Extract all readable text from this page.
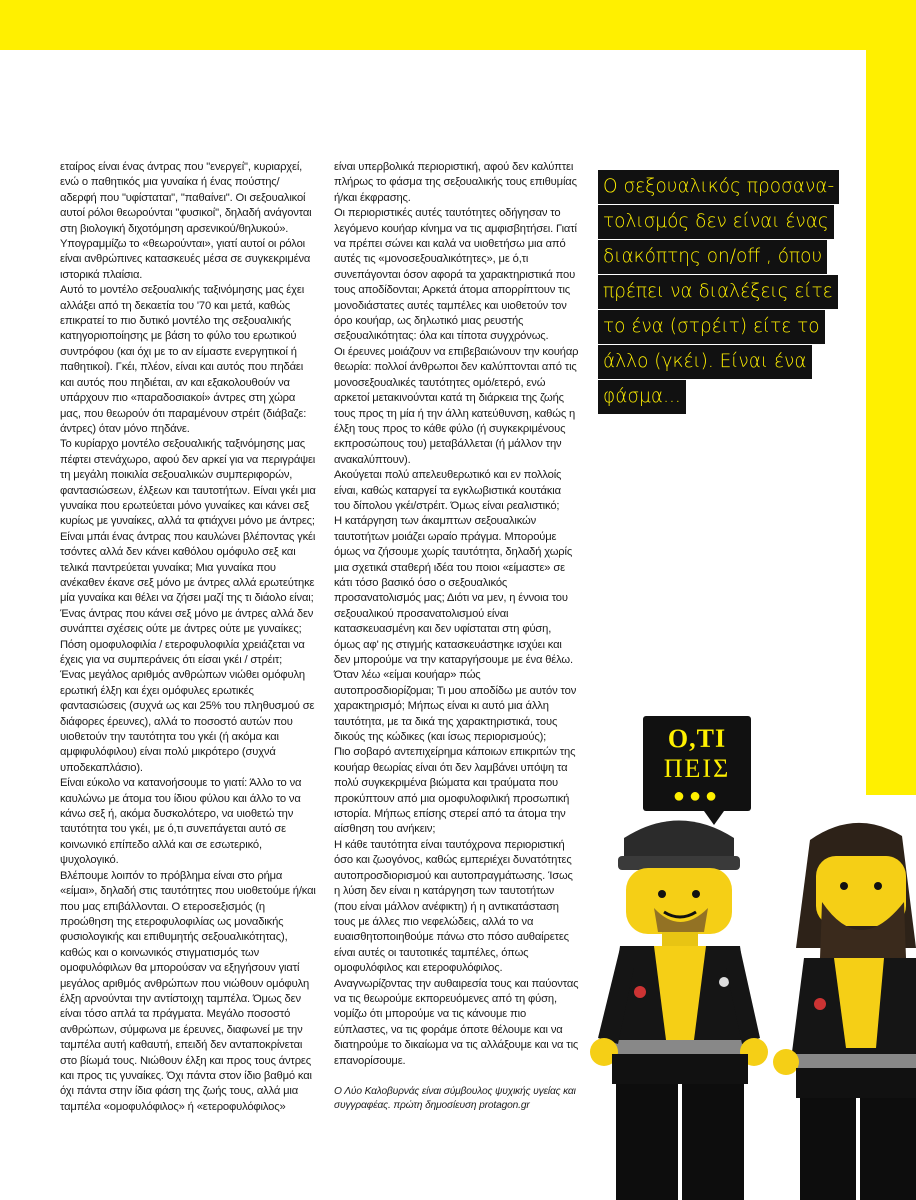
εταίρος είναι ένας άντρας που "ενεργεί", κυριαρχεί, ενώ ο παθητικός μια γυναίκα ή ένας πούστης/αδερφή που "υφίσταται", "παθαίνει". Οι σεξουαλικοί αυτοί ρόλοι θεωρούνται "φυσικοί", δηλαδή ανάγονται στη βιολογική διχοτόμηση αρσενικού/θηλυκού». Υπογραμμίζω το «θεωρούνται», γιατί αυτοί οι ρόλοι είναι ανθρώπινες κατασκευές μέσα σε συγκεκριμένα ιστορικά πλαίσια.

Αυτό το μοντέλο σεξουαλικής ταξινόμησης μας έχει αλλάξει από τη δεκαετία του '70 και μετά, καθώς επικρατεί το πιο δυτικό μοντέλο της σεξουαλικής κατηγοριοποίησης με βάση το φύλο του ερωτικού συντρόφου (και όχι με το αν είμαστε ενεργητικοί ή παθητικοί). Γκέι, πλέον, είναι και αυτός που πηδάει και αυτός που πηδιέται, αν και εξακολουθούν να υπάρχουν πιο «παραδοσιακοί» άντρες στη χώρα μας, που θεωρούν ότι παραμένουν στρέιτ (διάβαζε: άντρες) όταν μόνο πηδάνε.

Το κυρίαρχο μοντέλο σεξουαλικής ταξινόμησης μας πέφτει στενάχωρο, αφού δεν αρκεί για να περιγράψει τη μεγάλη ποικιλία σεξουαλικών συμπεριφορών, φαντασιώσεων, έλξεων και ταυτοτήτων. Είναι γκέι μια γυναίκα που ερωτεύεται μόνο γυναίκες και κάνει σεξ κυρίως με γυναίκες, αλλά τα φτιάχνει μόνο με άντρες; Είναι μπάι ένας άντρας που καυλώνει βλέποντας γκέι τσόντες αλλά δεν κάνει καθόλου ομόφυλο σεξ και τελικά παντρεύεται γυναίκα; Μια γυναίκα που ανέκαθεν έκανε σεξ μόνο με άντρες αλλά ερωτεύτηκε μία γυναίκα και θέλει να ζήσει μαζί της τι διάολο είναι; Ένας άντρας που κάνει σεξ μόνο με άντρες αλλά δεν συνάπτει σχέσεις ούτε με άντρες ούτε με γυναίκες; Πόση ομοφυλοφιλία / ετεροφυλοφιλία χρειάζεται να έχεις για να συμπεράνεις ότι είσαι γκέι / στρέιτ;

Ένας μεγάλος αριθμός ανθρώπων νιώθει ομόφυλη ερωτική έλξη και έχει ομόφυλες ερωτικές φαντασιώσεις (συχνά ως και 25% του πληθυσμού σε διάφορες έρευνες), αλλά το ποσοστό αυτών που υιοθετούν την ταυτότητα του γκέι (ή ακόμα και αμφιφυλόφιλου) είναι πολύ μικρότερο (συχνά υποδεκαπλάσιο).

Είναι εύκολο να κατανοήσουμε το γιατί: Άλλο το να καυλώνω με άτομα του ίδιου φύλου και άλλο το να κάνω σεξ ή, ακόμα δυσκολότερο, να υιοθετώ την ταυτότητα του γκέι, με ό,τι συνεπάγεται αυτό σε κοινωνικό επίπεδο αλλά και σε εσωτερικό, ψυχολογικό.

Βλέπουμε λοιπόν το πρόβλημα είναι στο ρήμα «είμαι», δηλαδή στις ταυτότητες που υιοθετούμε ή/και που μας επιβάλλονται. Ο ετεροσεξισμός (η προώθηση της ετεροφυλοφιλίας ως μοναδικής φυσιολογικής και επιθυμητής σεξουαλικότητας), καθώς και ο κοινωνικός στιγματισμός των ομοφυλόφιλων θα μπορούσαν να εξηγήσουν γιατί μεγάλος αριθμός ανθρώπων που νιώθουν ομόφυλη έλξη αρνούνται την αντίστοιχη ταμπέλα. Όμως δεν είναι τόσο απλά τα πράγματα. Μεγάλο ποσοστό ανθρώπων, σύμφωνα με έρευνες, διαφωνεί με την ταμπέλα αυτή καθαυτή, επειδή δεν ανταποκρίνεται στο βίωμά τους. Νιώθουν έλξη και προς τους άντρες και προς τις γυναίκες. Όχι πάντα στον ίδιο βαθμό και όχι πάντα στην ίδια φάση της ζωής τους, αλλά μια ταμπέλα «ομοφυλόφιλος» ή «ετεροφυλόφιλος»

είναι υπερβολικά περιοριστική, αφού δεν καλύπτει πλήρως το φάσμα της σεξουαλικής τους επιθυμίας ή/και έκφρασης.

Οι περιοριστικές αυτές ταυτότητες οδήγησαν το λεγόμενο κουήαρ κίνημα να τις αμφισβητήσει. Γιατί να πρέπει σώνει και καλά να υιοθετήσω μια από αυτές τις «μονοσεξουαλικότητες», με ό,τι συνεπάγονται όσον αφορά τα χαρακτηριστικά που τους αποδίδονται; Αρκετά άτομα απορρίπτουν τις μονοδιάστατες αυτές ταμπέλες και υιοθετούν τον όρο κουήαρ, ως δηλωτικό μιας ρευστής σεξουαλικότητας: όλα και τίποτα συγχρόνως.

Οι έρευνες μοιάζουν να επιβεβαιώνουν την κουήαρ θεωρία: πολλοί άνθρωποι δεν καλύπτονται από τις μονοσεξουαλικές ταυτότητες ομό/ετερό, ενώ αρκετοί μετακινούνται κατά τη διάρκεια της ζωής τους προς τη μία ή την άλλη κατεύθυνση, καθώς η έλξη τους προς το κάθε φύλο (ή συγκεκριμένους εκπροσώπους του) μεταβάλλεται (ή μάλλον την ανακαλύπτουν).

Ακούγεται πολύ απελευθερωτικό και εν πολλοίς είναι, καθώς καταργεί τα εγκλωβιστικά κουτάκια του δίπολου γκέι/στρέιτ. Όμως είναι ρεαλιστικό;

Η κατάργηση των άκαμπτων σεξουαλικών ταυτοτήτων μοιάζει ωραίο πράγμα. Μπορούμε όμως να ζήσουμε χωρίς ταυτότητα, δηλαδή χωρίς μια σχετικά σταθερή ιδέα του ποιοι «είμαστε» σε κάτι τόσο βασικό όσο ο σεξουαλικός προσανατολισμός μας; Διότι να μεν, η έννοια του σεξουαλικού προσανατολισμού είναι κατασκευασμένη και δεν υφίσταται στη φύση, όμως αφ' ης στιγμής κατασκευάστηκε ισχύει και δεν μπορούμε να την καταργήσουμε με ένα θέλω.

Όταν λέω «είμαι κουήαρ» πώς αυτοπροσδιορίζομαι; Τι μου αποδίδω με αυτόν τον χαρακτηρισμό; Μήπως είναι κι αυτό μια άλλη ταυτότητα, με τα δικά της χαρακτηριστικά, τους δικούς της κώδικες (και ίσως περιορισμούς);

Πιο σοβαρό αντεπιχείρημα κάποιων επικριτών της κουήαρ θεωρίας είναι ότι δεν λαμβάνει υπόψη τα πολύ συγκεκριμένα βιώματα και τραύματα που προκύπτουν από μια ομοφυλοφιλική προσωπική ιστορία. Μήπως επίσης στερεί από τα άτομα την αίσθηση του ανήκειν;

Η κάθε ταυτότητα είναι ταυτόχρονα περιοριστική όσο και ζωογόνος, καθώς εμπεριέχει δυνατότητες αυτοπροσδιορισμού και αυτοπραγμάτωσης. Ίσως η λύση δεν είναι η κατάργηση των ταυτοτήτων (που είναι μάλλον ανέφικτη) ή η αντικατάσταση τους με άλλες πιο νεφελώδεις, αλλά το να ευαισθητοποιηθούμε πάνω στο πόσο αυθαίρετες είναι αυτές οι ταυτοτικές ταμπέλες, όπως ομοφυλόφιλος και ετεροφυλόφιλος.

Αναγνωρίζοντας την αυθαιρεσία τους και παύοντας να τις θεωρούμε εκπορευόμενες από τη φύση, νομίζω ότι μπορούμε να τις κάνουμε πιο εύπλαστες, να τις φοράμε όποτε θέλουμε και να διατηρούμε το δικαίωμα να τις αλλάξουμε και να τις επανορίσουμε.

Ο Λύο Καλοβυρνάς είναι σύμβουλος ψυχικής υγείας και συγγραφέας. πρώτη δημοσίευση protagon.gr

Ο σεξουαλικός προσανα-
τολισμός δεν είναι ένας
διακόπτης on/off , όπου
πρέπει να διαλέξεις είτε
το ένα (στρέιτ) είτε το
άλλο (γκέι). Είναι ένα
φάσμα...
Ο,ΤΙ
ΠΕΙΣ
●●●
